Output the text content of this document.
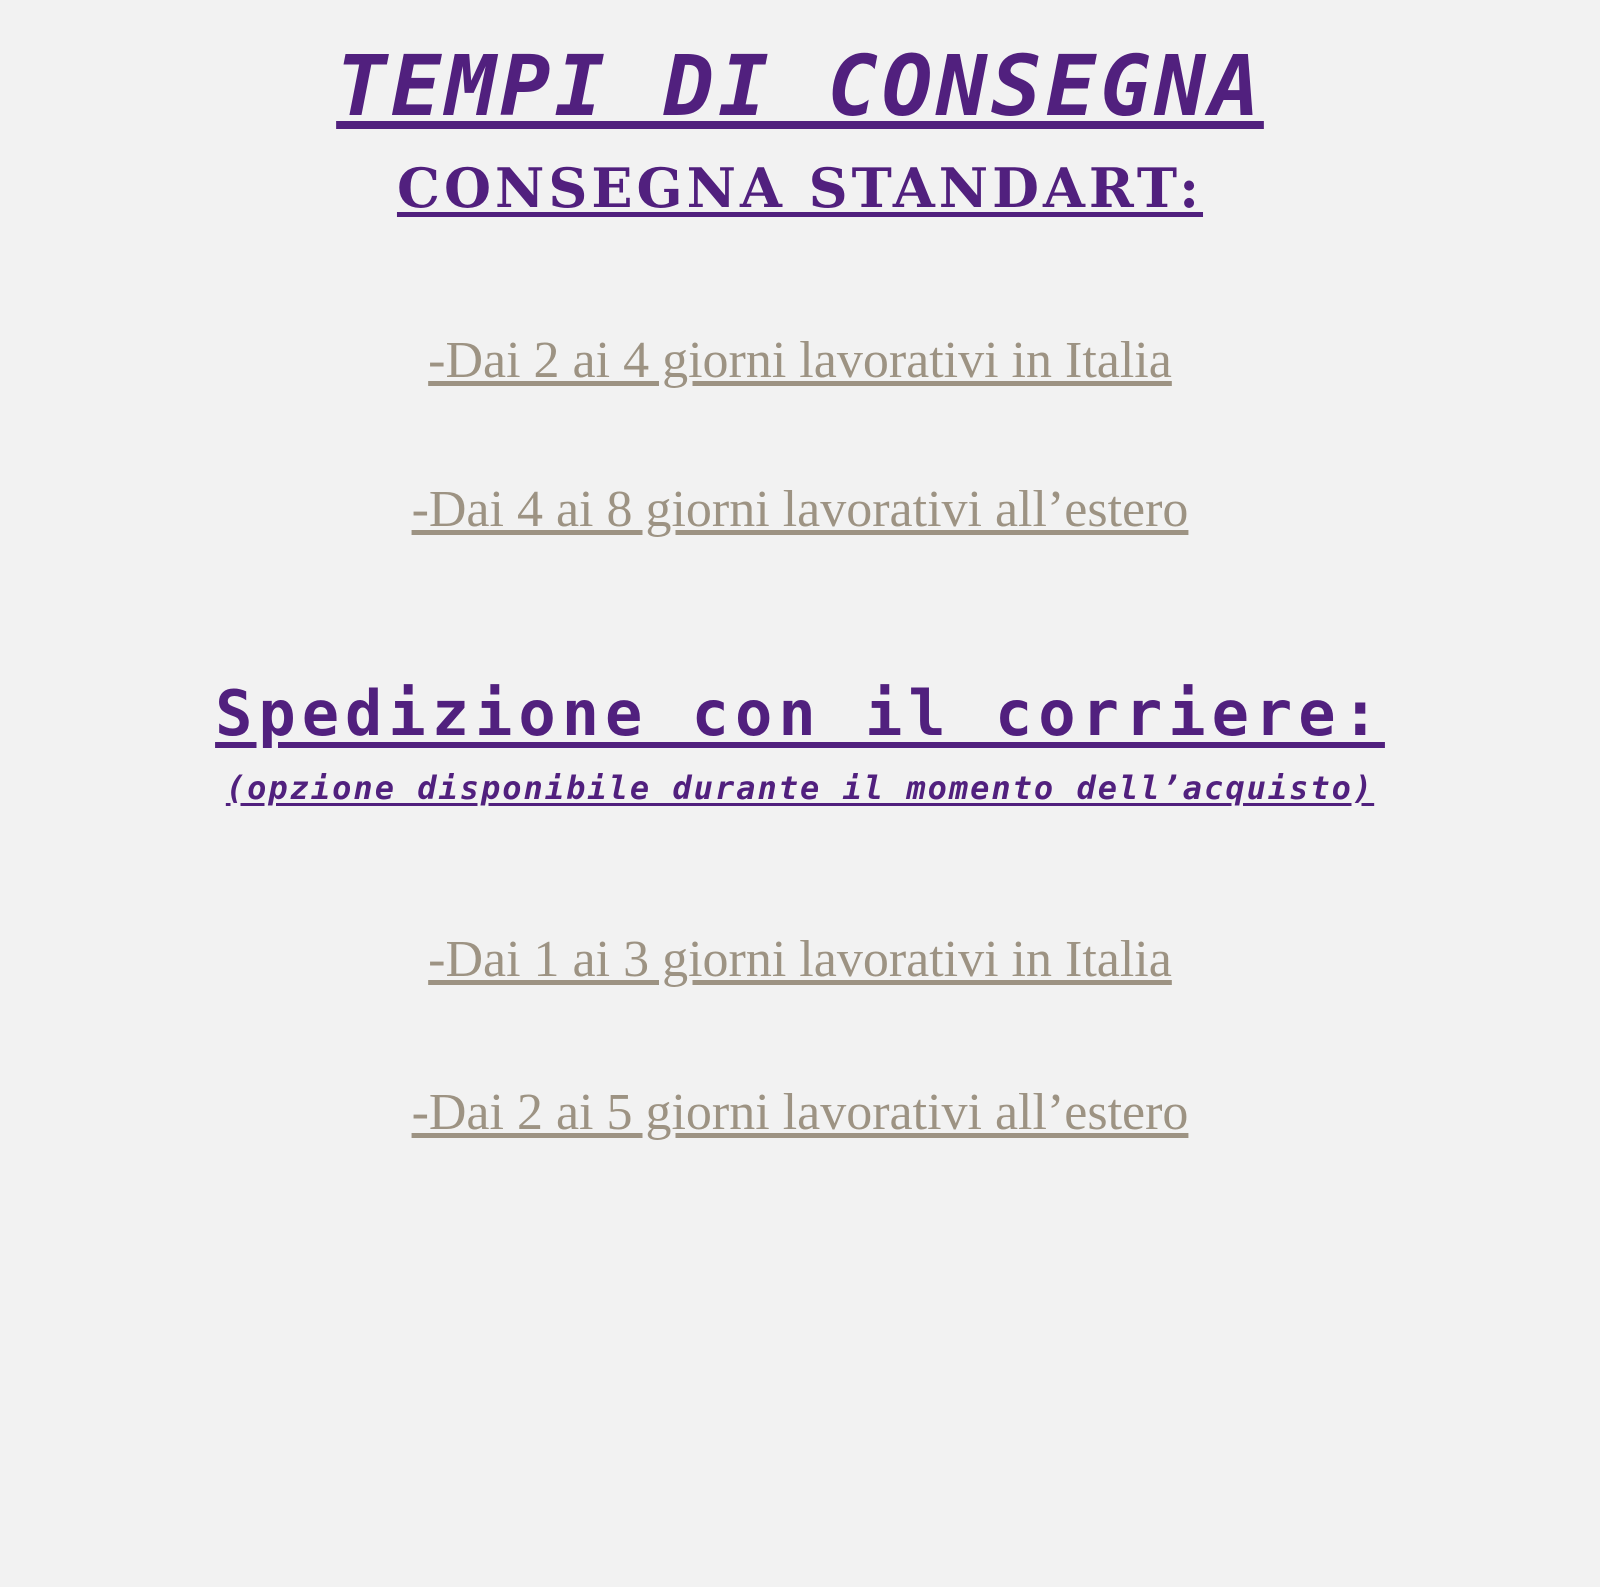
TEMPI DI CONSEGNA
CONSEGNA STANDART:
-Dai 2 ai 4 giorni lavorativi in Italia
-Dai 4 ai 8 giorni lavorativi all’estero
Spedizione con il corriere:
(opzione disponibile durante il momento dell’acquisto)
-Dai 1 ai 3 giorni lavorativi in Italia
-Dai 2 ai 5 giorni lavorativi all’estero
